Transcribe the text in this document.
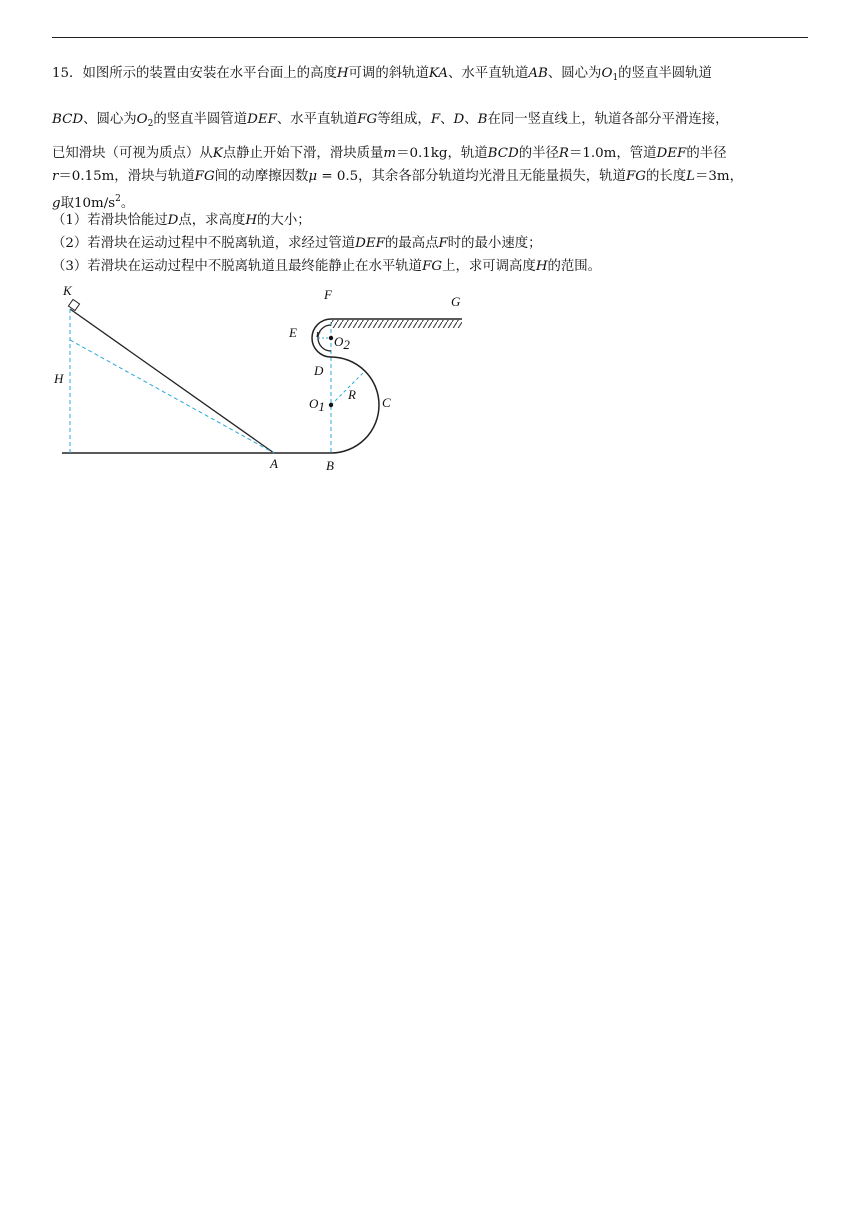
15．如图所示的装置由安装在水平台面上的高度H可调的斜轨道KA、水平直轨道AB、圆心为$O_1$的竖直半圆轨道
BCD、圆心为$O_2$的竖直半圆管道DEF、水平直轨道FG等组成，F、D、B在同一竖直线上，轨道各部分平滑连接，
已知滑块（可视为质点）从K点静止开始下滑，滑块质量m＝0.1kg，轨道BCD的半径R＝1.0m，管道DEF的半径
r＝0.15m，滑块与轨道FG间的动摩擦因数μ = 0.5，其余各部分轨道均光滑且无能量损失，轨道FG的长度L＝3m，
g取$10m/s^2$。
（1）若滑块恰能过D点，求高度H的大小；
（2）若滑块在运动过程中不脱离轨道，求经过管道DEF的最高点F时的最小速度；
（3）若滑块在运动过程中不脱离轨道且最终能静止在水平轨道FG上，求可调高度H的范围。
K	F	G
E r O2
D
H
O1
R
C
A	B
